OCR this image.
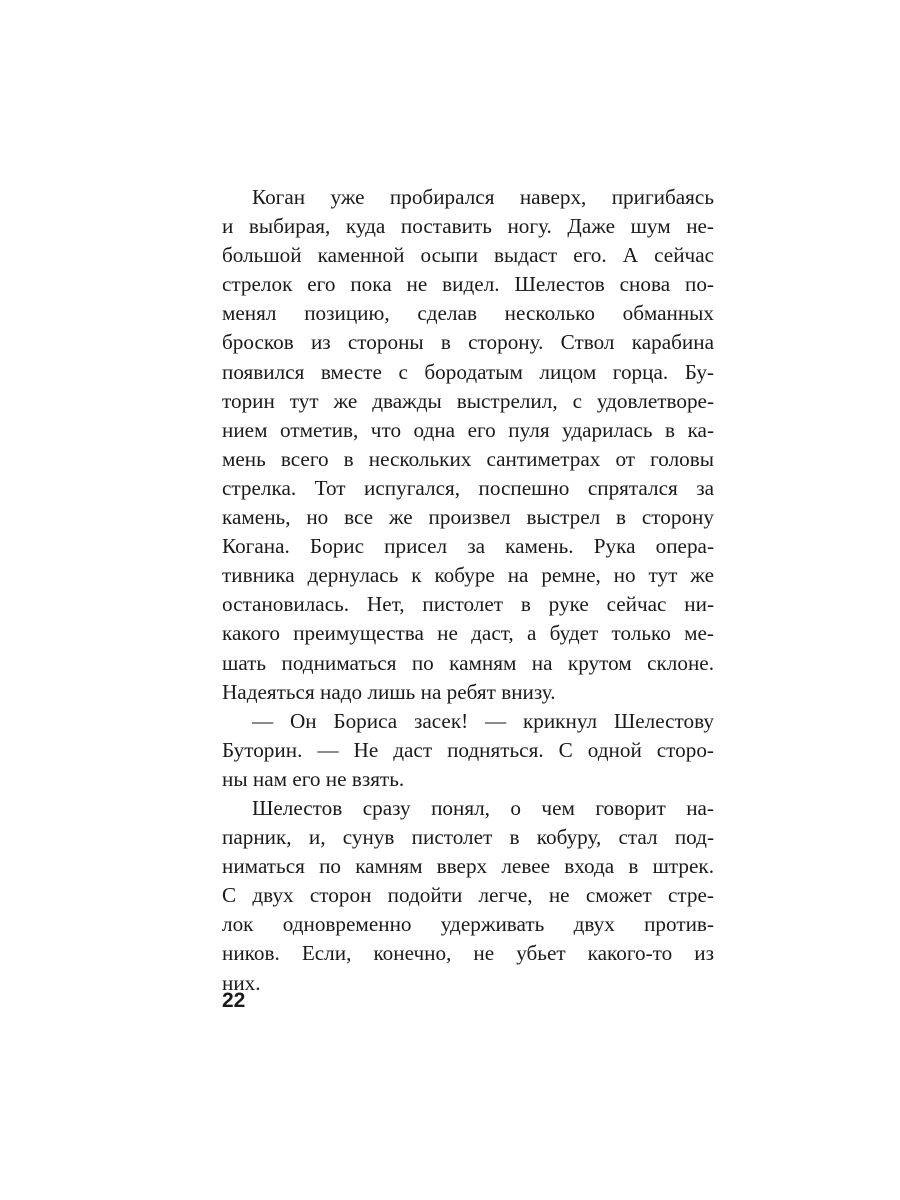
Коган уже пробирался наверх, пригибаясь
и выбирая, куда поставить ногу. Даже шум не-
большой каменной осыпи выдаст его. А сейчас
стрелок его пока не видел. Шелестов снова по-
менял позицию, сделав несколько обманных
бросков из стороны в сторону. Ствол карабина
появился вместе с бородатым лицом горца. Бу-
торин тут же дважды выстрелил, с удовлетворе-
нием отметив, что одна его пуля ударилась в ка-
мень всего в нескольких сантиметрах от головы
стрелка. Тот испугался, поспешно спрятался за
камень, но все же произвел выстрел в сторону
Когана. Борис присел за камень. Рука опера-
тивника дернулась к кобуре на ремне, но тут же
остановилась. Нет, пистолет в руке сейчас ни-
какого преимущества не даст, а будет только ме-
шать подниматься по камням на крутом склоне.
Надеяться надо лишь на ребят внизу.
— Он Бориса засек! — крикнул Шелестову
Буторин. — Не даст подняться. С одной сторо-
ны нам его не взять.
Шелестов сразу понял, о чем говорит на-
парник, и, сунув пистолет в кобуру, стал под-
ниматься по камням вверх левее входа в штрек.
С двух сторон подойти легче, не сможет стре-
лок одновременно удерживать двух против-
ников. Если, конечно, не убьет какого-то из
них.
22
